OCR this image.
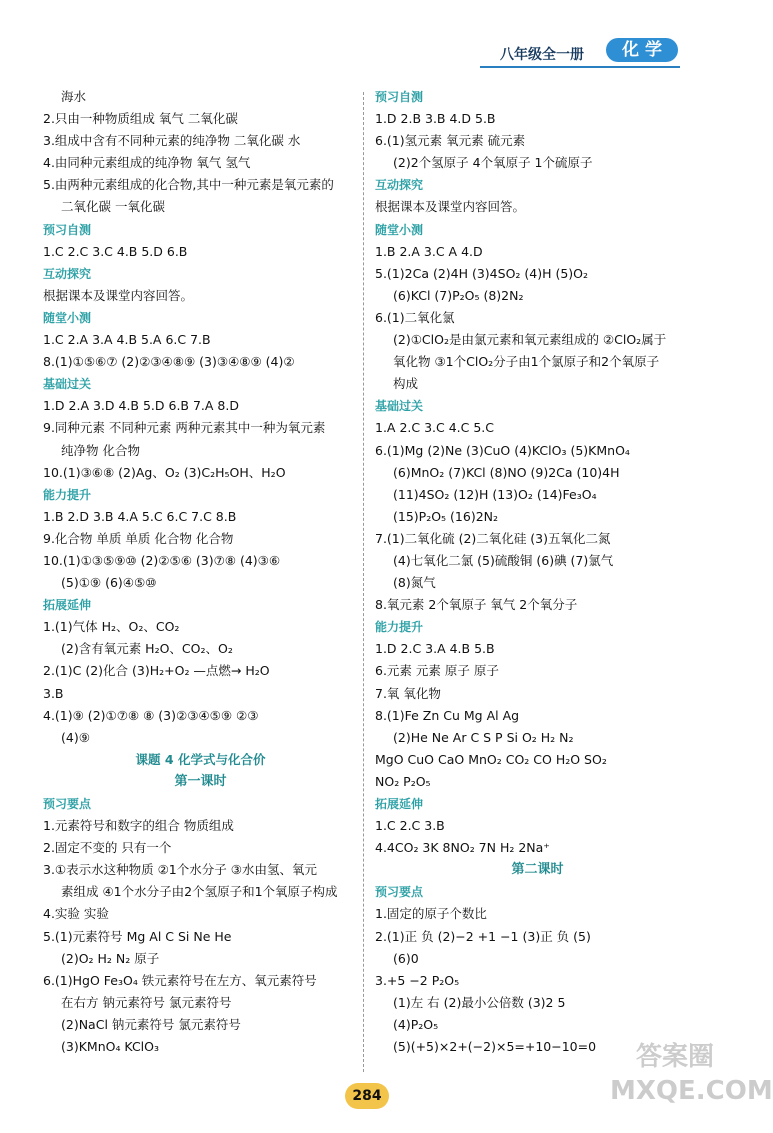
八年级全一册	化 学
海水
2.只由一种物质组成 氧气 二氧化碳
3.组成中含有不同种元素的纯净物 二氧化碳 水
4.由同种元素组成的纯净物 氧气 氢气
5.由两种元素组成的化合物,其中一种元素是氧元素的
二氧化碳 一氧化碳
预习自测
1.C 2.C 3.C 4.B 5.D 6.B
互动探究
根据课本及课堂内容回答。
随堂小测
1.C 2.A 3.A 4.B 5.A 6.C 7.B
8.(1)①⑤⑥⑦ (2)②③④⑧⑨ (3)③④⑧⑨ (4)②
基础过关
1.D 2.A 3.D 4.B 5.D 6.B 7.A 8.D
9.同种元素 不同种元素 两种元素其中一种为氧元素
纯净物 化合物
10.(1)③⑥⑧ (2)Ag、O₂ (3)C₂H₅OH、H₂O
能力提升
1.B 2.D 3.B 4.A 5.C 6.C 7.C 8.B
9.化合物 单质 单质 化合物 化合物
10.(1)①③⑤⑨⑩ (2)②⑤⑥ (3)⑦⑧ (4)③⑥
(5)①⑨ (6)④⑤⑩
拓展延伸
1.(1)气体 H₂、O₂、CO₂
(2)含有氧元素 H₂O、CO₂、O₂
2.(1)C (2)化合 (3)H₂+O₂ —点燃→ H₂O
3.B
4.(1)⑨ (2)①⑦⑧ ⑧ (3)②③④⑤⑨ ②③
(4)⑨
课题 4 化学式与化合价
第一课时
预习要点
1.元素符号和数字的组合 物质组成
2.固定不变的 只有一个
3.①表示水这种物质 ②1个水分子 ③水由氢、氧元
素组成 ④1个水分子由2个氢原子和1个氧原子构成
4.实验 实验
5.(1)元素符号 Mg Al C Si Ne He
(2)O₂ H₂ N₂ 原子
6.(1)HgO Fe₃O₄ 铁元素符号在左方、氧元素符号
在右方 钠元素符号 氯元素符号
(2)NaCl 钠元素符号 氯元素符号
(3)KMnO₄ KClO₃
预习自测
1.D 2.B 3.B 4.D 5.B
6.(1)氢元素 氧元素 硫元素
(2)2个氢原子 4个氧原子 1个硫原子
互动探究
根据课本及课堂内容回答。
随堂小测
1.B 2.A 3.C A 4.D
5.(1)2Ca (2)4H (3)4SO₂ (4)H (5)O₂
(6)KCl (7)P₂O₅ (8)2N₂
6.(1)二氧化氯
(2)①ClO₂是由氯元素和氧元素组成的 ②ClO₂属于
氧化物 ③1个ClO₂分子由1个氯原子和2个氧原子
构成
基础过关
1.A 2.C 3.C 4.C 5.C
6.(1)Mg (2)Ne (3)CuO (4)KClO₃ (5)KMnO₄
(6)MnO₂ (7)KCl (8)NO (9)2Ca (10)4H
(11)4SO₂ (12)H (13)O₂ (14)Fe₃O₄
(15)P₂O₅ (16)2N₂
7.(1)二氧化硫 (2)二氧化硅 (3)五氧化二氮
(4)七氧化二氯 (5)硫酸铜 (6)碘 (7)氯气
(8)氮气
8.氧元素 2个氧原子 氧气 2个氧分子
能力提升
1.D 2.C 3.A 4.B 5.B
6.元素 元素 原子 原子
7.氧 氧化物
8.(1)Fe Zn Cu Mg Al Ag
(2)He Ne Ar C S P Si O₂ H₂ N₂
MgO CuO CaO MnO₂ CO₂ CO H₂O SO₂
NO₂ P₂O₅
拓展延伸
1.C 2.C 3.B
4.4CO₂ 3K 8NO₂ 7N H₂ 2Na⁺
第二课时
预习要点
1.固定的原子个数比
2.(1)正 负 (2)−2 +1 −1 (3)正 负 (5)
(6)0
3.+5 −2 P₂O₅
(1)左 右 (2)最小公倍数 (3)2 5
(4)P₂O₅
(5)(+5)×2+(−2)×5=+10−10=0
284
答案圈
MXQE.COM
